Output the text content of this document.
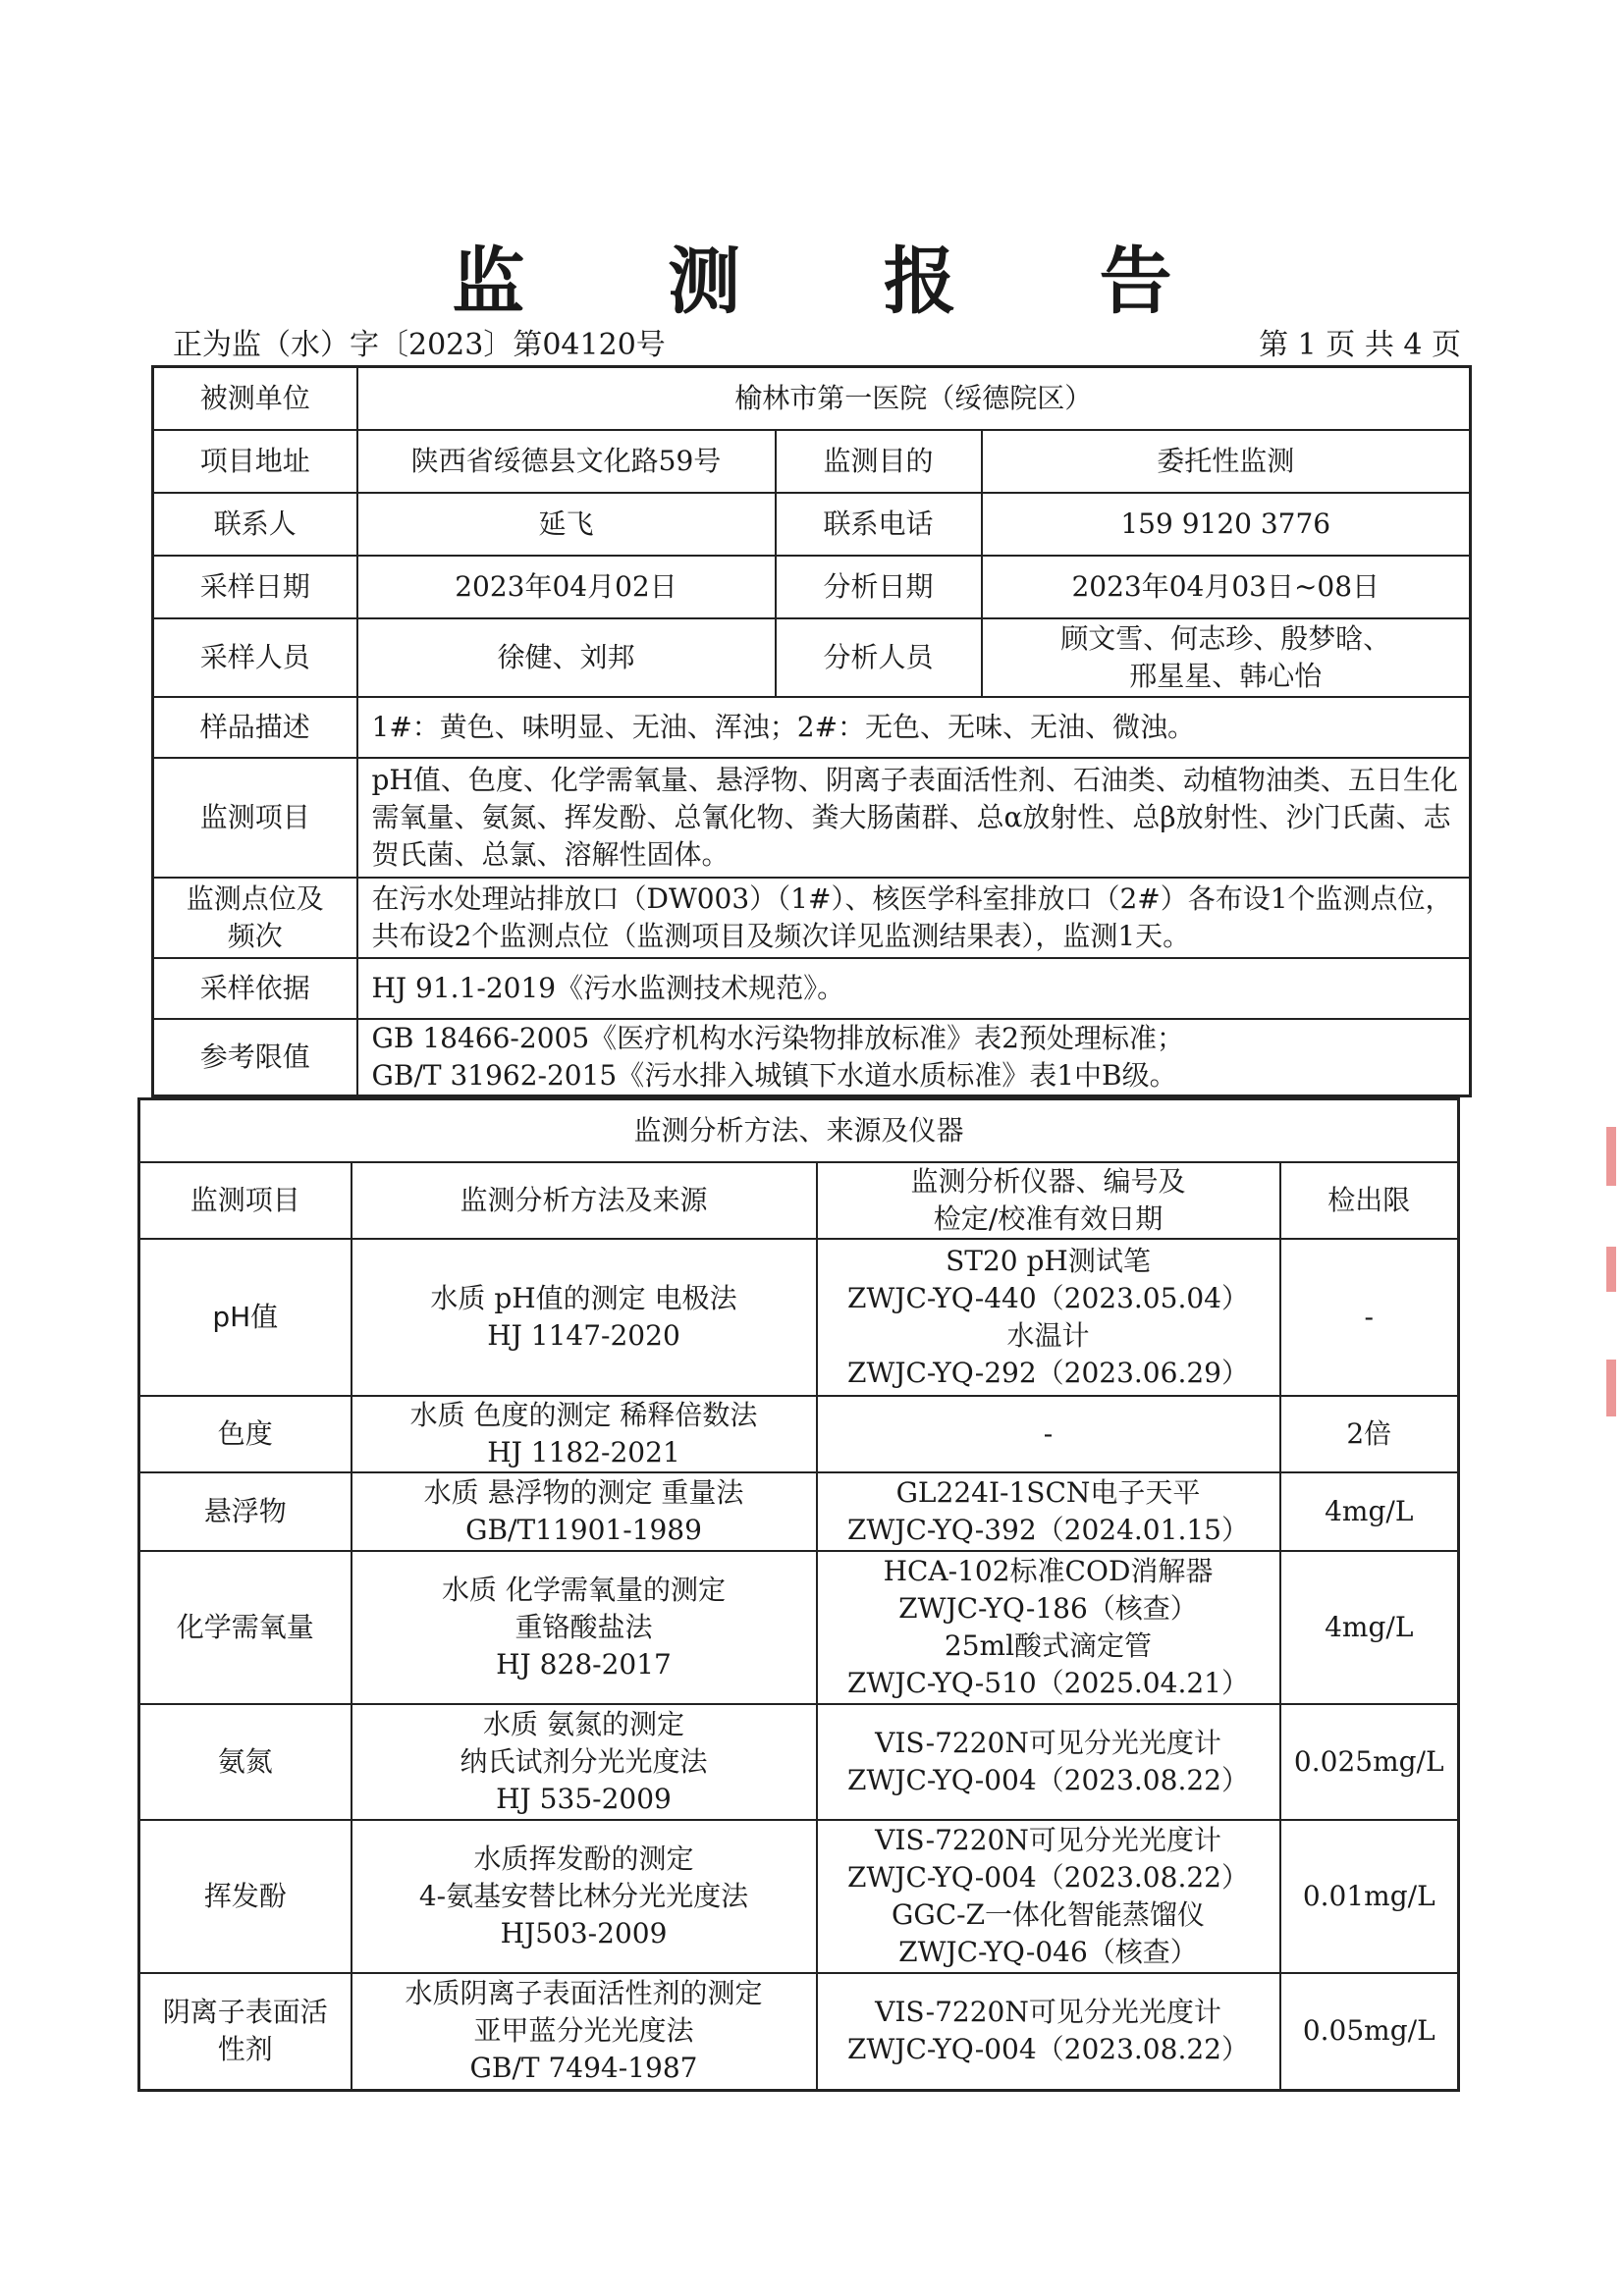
监 测 报 告
正为监（水）字〔2023〕第04120号	第 1 页 共 4 页
被测单位	榆林市第一医院（绥德院区）		
项目地址	陕西省绥德县文化路59号	监测目的	委托性监测
联系人	延飞	联系电话	159 9120 3776
采样日期	2023年04月02日	分析日期	2023年04月03日~08日
采样人员	徐健、刘邦	分析人员	顾文雪、何志珍、殷梦晗、
邢星星、韩心怡

样品描述	1#：黄色、味明显、无油、浑浊；2#：无色、无味、无油、微浊。		
监测项目	pH值、色度、化学需氧量、悬浮物、阴离子表面活性剂、石油类、动植物油类、五日生化需氧量、氨氮、挥发酚、总氰化物、粪大肠菌群、总α放射性、总β放射性、沙门氏菌、志贺氏菌、总氯、溶解性固体。		

监测点位及
频次	在污水处理站排放口（DW003）（1#）、核医学科室排放口（2#）各布设1个监测点位，共布设2个监测点位（监测项目及频次详见监测结果表），监测1天。		
采样依据	HJ 91.1-2019《污水监测技术规范》。		
参考限值	GB 18466-2005《医疗机构水污染物排放标准》表2预处理标准；
GB/T 31962-2015《污水排入城镇下水道水质标准》表1中B级。		
监测分析方法、来源及仪器			
监测项目	监测分析方法及来源	监测分析仪器、编号及
检定/校准有效日期	检出限

pH值	水质 pH值的测定 电极法
HJ 1147-2020	ST20 pH测试笔
ZWJC-YQ-440（2023.05.04）
水温计
ZWJC-YQ-292（2023.06.29）	-

色度	水质 色度的测定 稀释倍数法
HJ 1182-2021	-	2倍

悬浮物	水质 悬浮物的测定 重量法
GB/T11901-1989	GL224I-1SCN电子天平
ZWJC-YQ-392（2024.01.15）	4mg/L

化学需氧量	水质 化学需氧量的测定
重铬酸盐法
HJ 828-2017	HCA-102标准COD消解器
ZWJC-YQ-186（核查）
25ml酸式滴定管
ZWJC-YQ-510（2025.04.21）	4mg/L

氨氮	水质 氨氮的测定
纳氏试剂分光光度法
HJ 535-2009	VIS-7220N可见分光光度计
ZWJC-YQ-004（2023.08.22）	0.025mg/L

挥发酚	水质挥发酚的测定
4-氨基安替比林分光光度法
HJ503-2009	VIS-7220N可见分光光度计
ZWJC-YQ-004（2023.08.22）
GGC-Z一体化智能蒸馏仪
ZWJC-YQ-046（核查）	0.01mg/L

阴离子表面活
性剂	水质阴离子表面活性剂的测定
亚甲蓝分光光度法
GB/T 7494-1987	VIS-7220N可见分光光度计
ZWJC-YQ-004（2023.08.22）	0.05mg/L
